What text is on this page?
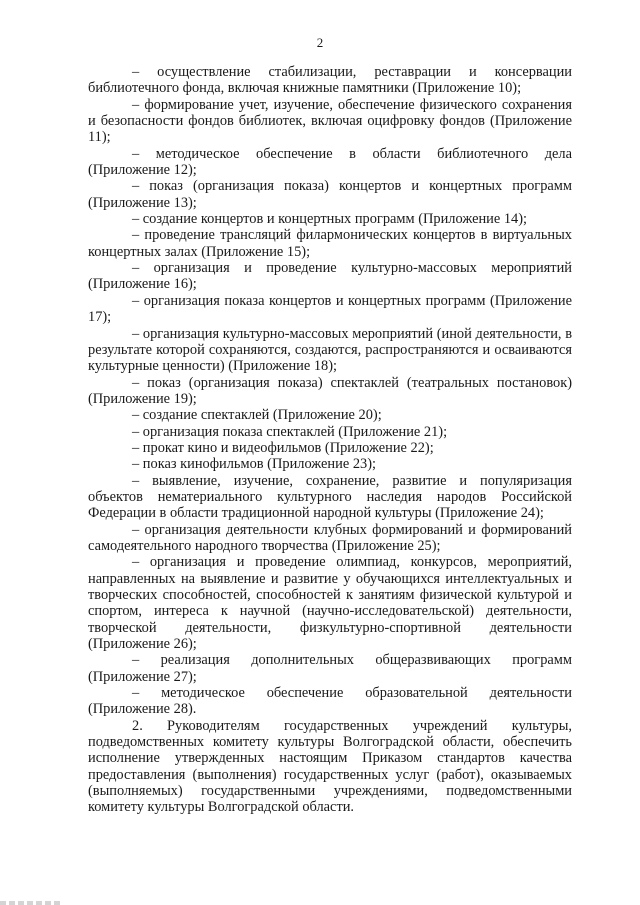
2

– осуществление стабилизации, реставрации и консервации библиотечного фонда, включая книжные памятники (Приложение 10);

– формирование учет, изучение, обеспечение физического сохранения и безопасности фондов библиотек, включая оцифровку фондов (Приложение 11);

– методическое обеспечение в области библиотечного дела (Приложение 12);

– показ (организация показа) концертов и концертных программ (Приложение 13);

– создание концертов и концертных программ (Приложение 14);

– проведение трансляций филармонических концертов в виртуальных концертных залах (Приложение 15);

– организация и проведение культурно-массовых мероприятий (Приложение 16);

– организация показа концертов и концертных программ (Приложение 17);

– организация культурно-массовых мероприятий (иной деятельности, в результате которой сохраняются, создаются, распространяются и осваиваются культурные ценности) (Приложение 18);

– показ (организация показа) спектаклей (театральных постановок) (Приложение 19);

– создание спектаклей (Приложение 20);

– организация показа спектаклей (Приложение 21);

– прокат кино и видеофильмов (Приложение 22);

– показ кинофильмов (Приложение 23);

– выявление, изучение, сохранение, развитие и популяризация объектов нематериального культурного наследия народов Российской Федерации в области традиционной народной культуры (Приложение 24);

– организация деятельности клубных формирований и формирований самодеятельного народного творчества (Приложение 25);

– организация и проведение олимпиад, конкурсов, мероприятий, направленных на выявление и развитие у обучающихся интеллектуальных и творческих способностей, способностей к занятиям физической культурой и спортом, интереса к научной (научно-исследовательской) деятельности, творческой деятельности, физкультурно-спортивной деятельности (Приложение 26);

– реализация дополнительных общеразвивающих программ (Приложение 27);

– методическое обеспечение образовательной деятельности (Приложение 28).

2. Руководителям государственных учреждений культуры, подведомственных комитету культуры Волгоградской области, обеспечить исполнение утвержденных настоящим Приказом стандартов качества предоставления (выполнения) государственных услуг (работ), оказываемых (выполняемых) государственными учреждениями, подведомственными комитету культуры Волгоградской области.
